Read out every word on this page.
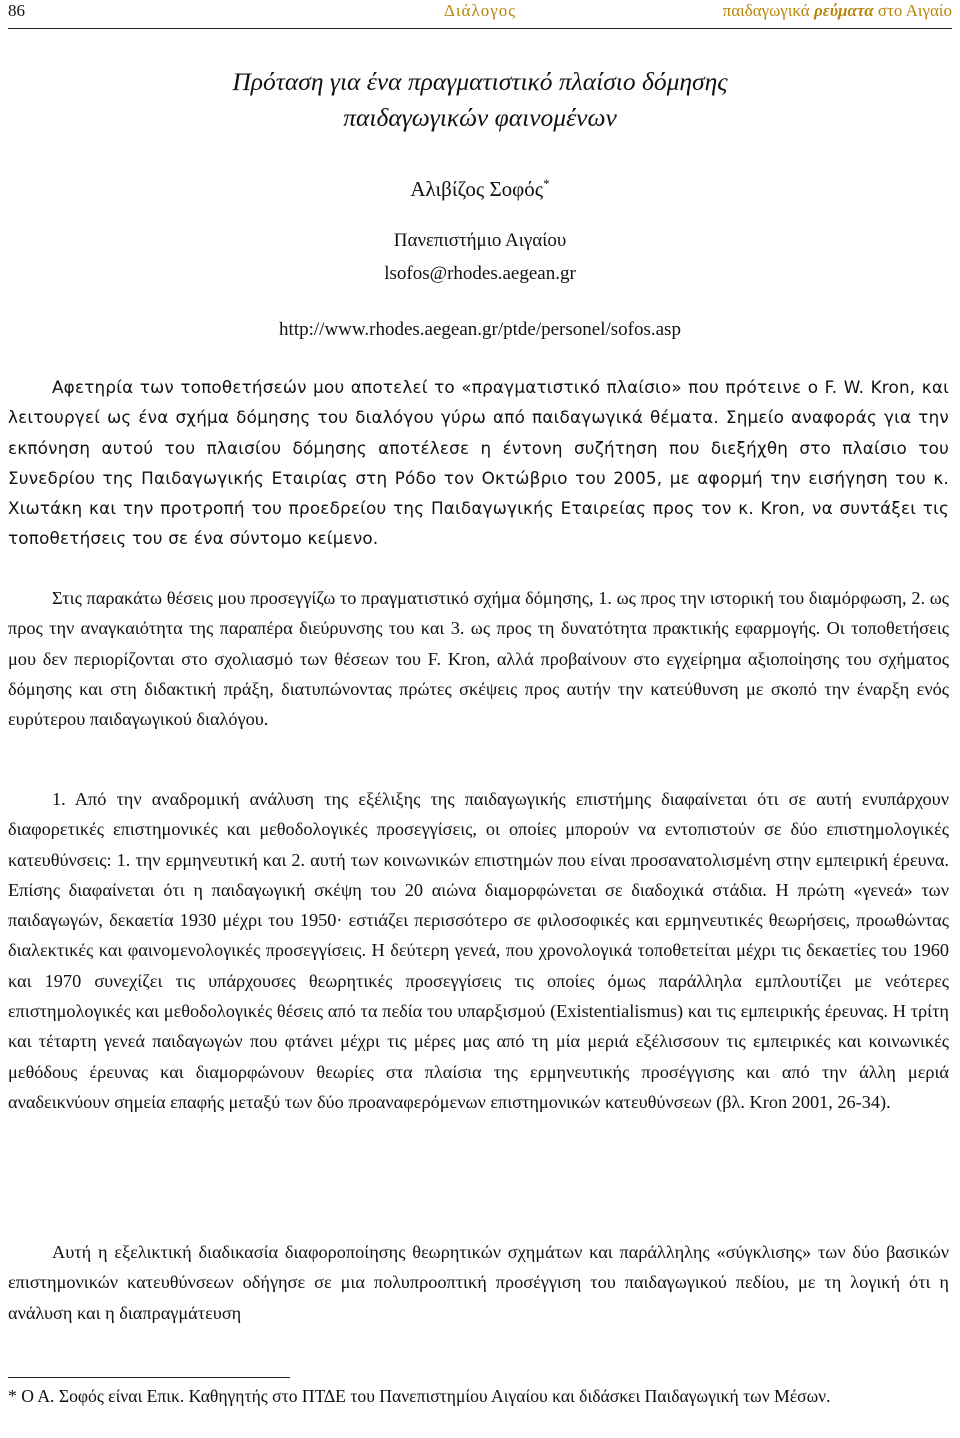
86	Διάλογος	παιδαγωγικά ρεύματα στο Αιγαίο
Πρόταση για ένα πραγματιστικό πλαίσιο δόμησης
παιδαγωγικών φαινομένων
Αλιβίζος Σοφός*
Πανεπιστήμιο Αιγαίου
lsofos@rhodes.aegean.gr
http://www.rhodes.aegean.gr/ptde/personel/sofos.asp

Αφετηρία των τοποθετήσεών μου αποτελεί το «πραγματιστικό πλαίσιο» που πρότεινε ο F. W. Kron, και λειτουργεί ως ένα σχήμα δόμησης του διαλόγου γύρω από παιδαγωγικά θέματα. Σημείο αναφοράς για την εκπόνηση αυτού του πλαισίου δόμησης αποτέλεσε η έντονη συζήτηση που διεξήχθη στο πλαίσιο του Συνεδρίου της Παιδαγωγικής Εταιρίας στη Ρόδο τον Οκτώβριο του 2005, με αφορμή την εισήγηση του κ. Χιωτάκη και την προτροπή του προεδρείου της Παιδαγωγικής Εταιρείας προς τον κ. Kron, να συντάξει τις τοποθετήσεις του σε ένα σύντομο κείμενο.

Στις παρακάτω θέσεις μου προσεγγίζω το πραγματιστικό σχήμα δόμησης, 1. ως προς την ιστορική του διαμόρφωση, 2. ως προς την αναγκαιότητα της παραπέρα διεύρυνσης του και 3. ως προς τη δυνατότητα πρακτικής εφαρμογής. Οι τοποθετήσεις μου δεν περιορίζονται στο σχολιασμό των θέσεων του F. Kron, αλλά προβαίνουν στο εγχείρημα αξιοποίησης του σχήματος δόμησης και στη διδακτική πράξη, διατυπώνοντας πρώτες σκέψεις προς αυτήν την κατεύθυνση με σκοπό την έναρξη ενός ευρύτερου παιδαγωγικού διαλόγου.

1. Από την αναδρομική ανάλυση της εξέλιξης της παιδαγωγικής επιστήμης διαφαίνεται ότι σε αυτή ενυπάρχουν διαφορετικές επιστημονικές και μεθοδολογικές προσεγγίσεις, οι οποίες μπορούν να εντοπιστούν σε δύο επιστημολογικές κατευθύνσεις: 1. την ερμηνευτική και 2. αυτή των κοινωνικών επιστημών που είναι προσανατολισμένη στην εμπειρική έρευνα. Επίσης διαφαίνεται ότι η παιδαγωγική σκέψη του 20 αιώνα διαμορφώνεται σε διαδοχικά στάδια. Η πρώτη «γενεά» των παιδαγωγών, δεκαετία 1930 μέχρι του 1950· εστιάζει περισσότερο σε φιλοσοφικές και ερμηνευτικές θεωρήσεις, προωθώντας διαλεκτικές και φαινομενολογικές προσεγγίσεις. Η δεύτερη γενεά, που χρονολογικά τοποθετείται μέχρι τις δεκαετίες του 1960 και 1970 συνεχίζει τις υπάρχουσες θεωρητικές προσεγγίσεις τις οποίες όμως παράλληλα εμπλουτίζει με νεότερες επιστημολογικές και μεθοδολογικές θέσεις από τα πεδία του υπαρξισμού (Existentialismus) και τις εμπειρικής έρευνας. Η τρίτη και τέταρτη γενεά παιδαγωγών που φτάνει μέχρι τις μέρες μας από τη μία μεριά εξέλισσουν τις εμπειρικές και κοινωνικές μεθόδους έρευνας και διαμορφώνουν θεωρίες στα πλαίσια της ερμηνευτικής προσέγγισης και από την άλλη μεριά αναδεικνύουν σημεία επαφής μεταξύ των δύο προαναφερόμενων επιστημονικών κατευθύνσεων (βλ. Kron 2001, 26-34).

Αυτή η εξελικτική διαδικασία διαφοροποίησης θεωρητικών σχημάτων και παράλληλης «σύγκλισης» των δύο βασικών επιστημονικών κατευθύνσεων οδήγησε σε μια πολυπροοπτική προσέγγιση του παιδαγωγικού πεδίου, με τη λογική ότι η ανάλυση και η διαπραγμάτευση

* Ο Α. Σοφός είναι Επικ. Καθηγητής στο ΠΤΔΕ του Πανεπιστημίου Αιγαίου και διδάσκει Παιδαγωγική των Μέσων.
